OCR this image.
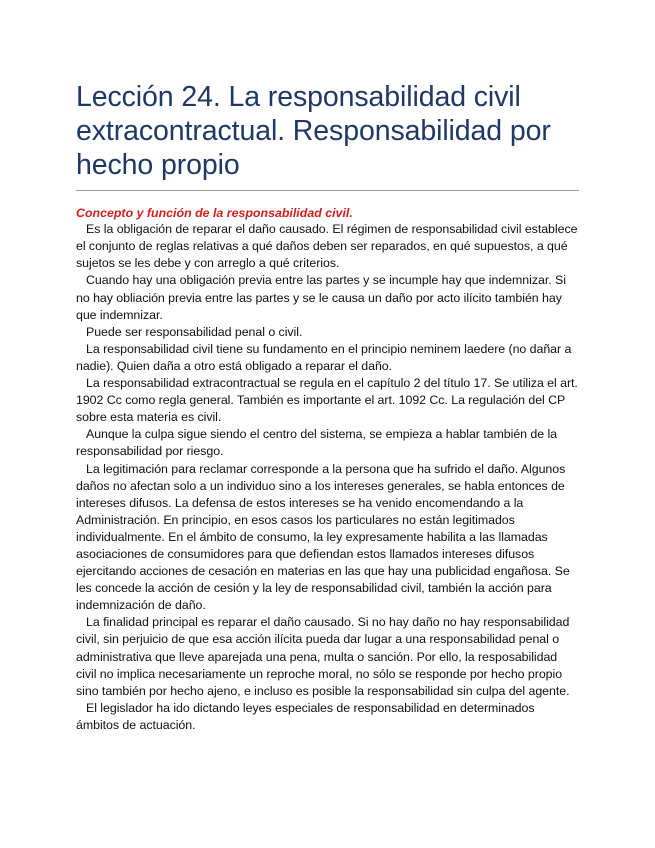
Lección 24. La responsabilidad civil extracontractual. Responsabilidad por hecho propio
Concepto y función de la responsabilidad civil.

Es la obligación de reparar el daño causado. El régimen de responsabilidad civil establece el conjunto de reglas relativas a qué daños deben ser reparados, en qué supuestos, a qué sujetos se les debe y con arreglo a qué criterios.

Cuando hay una obligación previa entre las partes y se incumple hay que indemnizar. Si no hay obliación previa entre las partes y se le causa un daño por acto ilícito también hay que indemnizar.

Puede ser responsabilidad penal o civil.

La responsabilidad civil tiene su fundamento en el principio neminem laedere (no dañar a nadie). Quien daña a otro está obligado a reparar el daño.

La responsabilidad extracontractual se regula en el capítulo 2 del título 17. Se utiliza el art. 1902 Cc como regla general. También es importante el art. 1092 Cc. La regulación del CP sobre esta materia es civil.

Aunque la culpa sigue siendo el centro del sistema, se empieza a hablar también de la responsabilidad por riesgo.

La legitimación para reclamar corresponde a la persona que ha sufrido el daño. Algunos daños no afectan solo a un individuo sino a los intereses generales, se habla entonces de intereses difusos. La defensa de estos intereses se ha venido encomendando a la Administración. En principio, en esos casos los particulares no están legitimados individualmente. En el ámbito de consumo, la ley expresamente habilita a las llamadas asociaciones de consumidores para que defiendan estos llamados intereses difusos ejercitando acciones de cesación en materias en las que hay una publicidad engañosa. Se les concede la acción de cesión y la ley de responsabilidad civil, también la acción para indemnización de daño.

La finalidad principal es reparar el daño causado. Si no hay daño no hay responsabilidad civil, sin perjuicio de que esa acción ilícita pueda dar lugar a una responsabilidad penal o administrativa que lleve aparejada una pena, multa o sanción. Por ello, la resposabilidad civil no implica necesariamente un reproche moral, no sólo se responde por hecho propio sino también por hecho ajeno, e incluso es posible la responsabilidad sin culpa del agente.

El legislador ha ido dictando leyes especiales de responsabilidad en determinados ámbitos de actuación.
